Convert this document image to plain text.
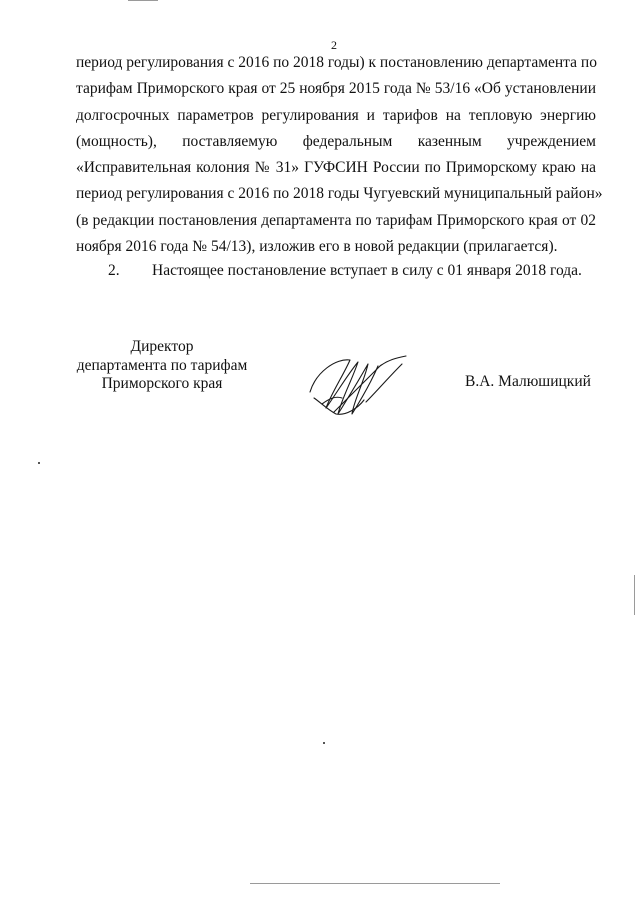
2
период регулирования с 2016 по 2018 годы) к постановлению департамента по
тарифам Приморского края от 25 ноября 2015 года № 53/16 «Об установлении
долгосрочных параметров регулирования и тарифов на тепловую энергию
(мощность), поставляемую федеральным казенным учреждением
«Исправительная колония № 31» ГУФСИН России по Приморскому краю на
период регулирования с 2016 по 2018 годы Чугуевский муниципальный район»
(в редакции постановления департамента по тарифам Приморского края от 02
ноября 2016 года № 54/13), изложив его в новой редакции (прилагается).
2. Настоящее постановление вступает в силу с 01 января 2018 года.
Директор
департамента по тарифам
Приморского края	В.А. Малюшицкий
